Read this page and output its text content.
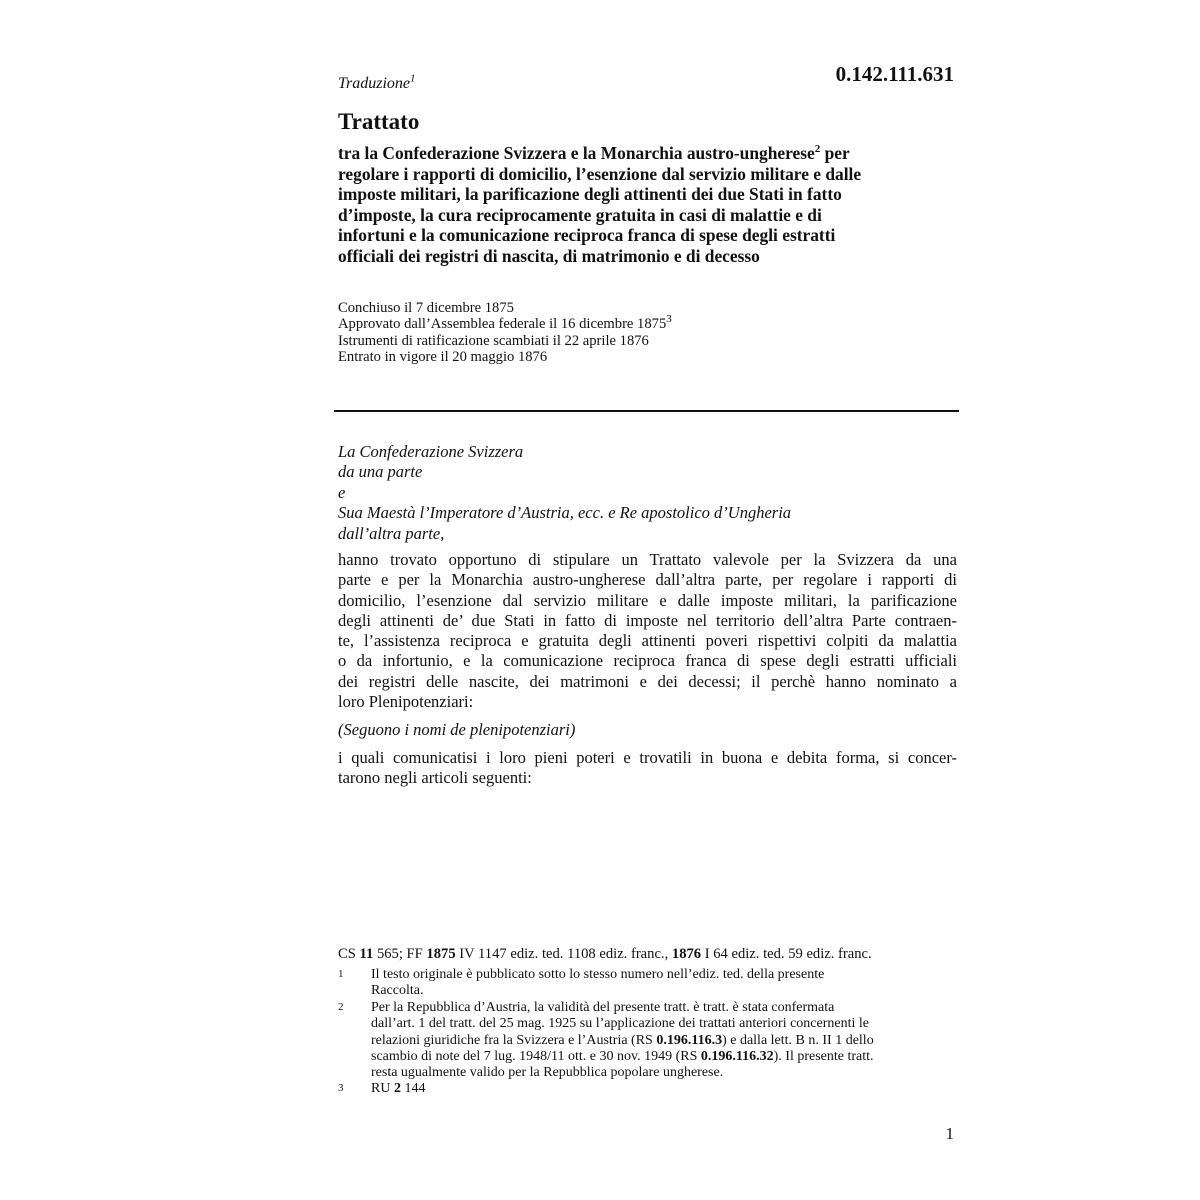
Traduzione$^1$	0.142.111.631
Trattato
tra la Confederazione Svizzera e la Monarchia austro-ungherese$^2$ per
regolare i rapporti di domicilio, l’esenzione dal servizio militare e dalle
imposte militari, la parificazione degli attinenti dei due Stati in fatto
d’imposte, la cura reciprocamente gratuita in casi di malattie e di
infortuni e la comunicazione reciproca franca di spese degli estratti
officiali dei registri di nascita, di matrimonio e di decesso
Conchiuso il 7 dicembre 1875
Approvato dall’Assemblea federale il 16 dicembre 1875$^3$
Istrumenti di ratificazione scambiati il 22 aprile 1876
Entrato in vigore il 20 maggio 1876
La Confederazione Svizzera
da una parte
e
Sua Maestà l’Imperatore d’Austria, ecc. e Re apostolico d’Ungheria
dall’altra parte,
hanno trovato opportuno di stipulare un Trattato valevole per la Svizzera da una
parte e per la Monarchia austro-ungherese dall’altra parte, per regolare i rapporti di
domicilio, l’esenzione dal servizio militare e dalle imposte militari, la parificazione
degli attinenti de’ due Stati in fatto di imposte nel territorio dell’altra Parte contraen-
te, l’assistenza reciproca e gratuita degli attinenti poveri rispettivi colpiti da malattia
o da infortunio, e la comunicazione reciproca franca di spese degli estratti ufficiali
dei registri delle nascite, dei matrimoni e dei decessi; il perchè hanno nominato a
loro Plenipotenziari:
(Seguono i nomi de plenipotenziari)
i quali comunicatisi i loro pieni poteri e trovatili in buona e debita forma, si concer-
tarono negli articoli seguenti:
CS 11 565; FF 1875 IV 1147 ediz. ted. 1108 ediz. franc., 1876 I 64 ediz. ted. 59 ediz. franc.
1 Il testo originale è pubblicato sotto lo stesso numero nell’ediz. ted. della presente
Raccolta.
2 Per la Repubblica d’Austria, la validità del presente tratt. è tratt. è stata confermata
dall’art. 1 del tratt. del 25 mag. 1925 su l’applicazione dei trattati anteriori concernenti le
relazioni giuridiche fra la Svizzera e l’Austria (RS 0.196.116.3) e dalla lett. B n. II 1 dello
scambio di note del 7 lug. 1948/11 ott. e 30 nov. 1949 (RS 0.196.116.32). Il presente tratt.
resta ugualmente valido per la Repubblica popolare ungherese.
3 RU 2 144
1
